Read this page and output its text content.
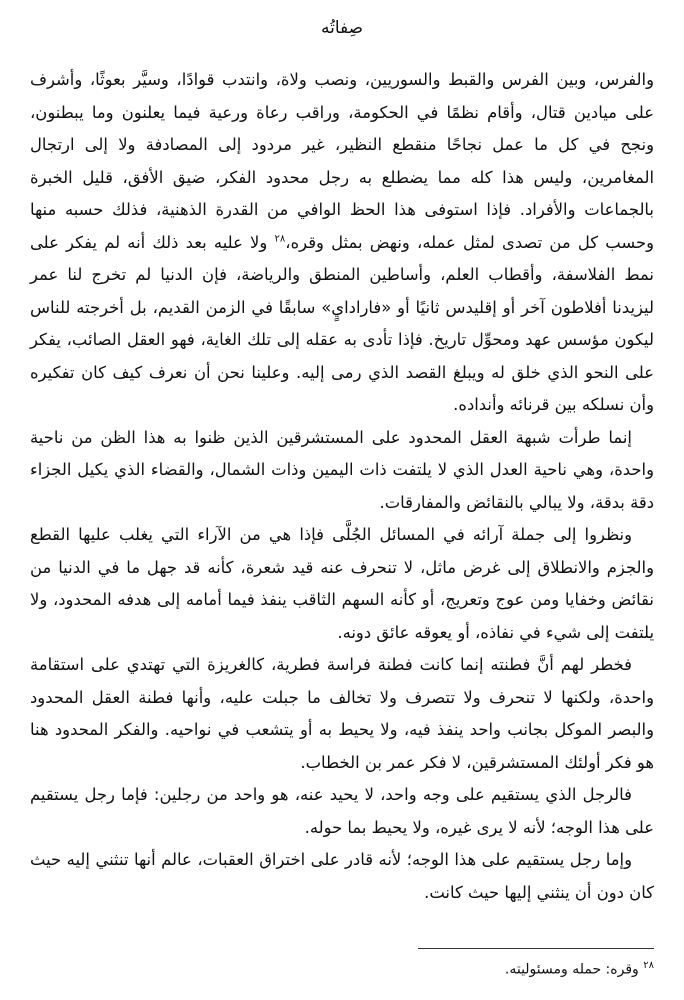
صِفاتُه

والفرس، وبين الفرس والقبط والسوريين، ونصب ولاة، وانتدب قوادًا، وسيَّر بعوثًا، وأشرف على ميادين قتال، وأقام نظمًا في الحكومة، وراقب رعاة ورعية فيما يعلنون وما يبطنون، ونجح في كل ما عمل نجاحًا منقطع النظير، غير مردود إلى المصادفة ولا إلى ارتجال المغامرين، وليس هذا كله مما يضطلع به رجل محدود الفكر، ضيق الأفق، قليل الخبرة بالجماعات والأفراد. فإذا استوفى هذا الحظ الوافي من القدرة الذهنية، فذلك حسبه منها وحسب كل من تصدى لمثل عمله، ونهض بمثل وقره،$^{٢٨}$ ولا عليه بعد ذلك أنه لم يفكر على نمط الفلاسفة، وأقطاب العلم، وأساطين المنطق والرياضة، فإن الدنيا لم تخرج لنا عمر ليزيدنا أفلاطون آخر أو إقليدس ثانيًا أو «فارادايٍ» سابقًا في الزمن القديم، بل أخرجته للناس ليكون مؤسس عهد ومحوِّل تاريخ. فإذا تأدى به عقله إلى تلك الغاية، فهو العقل الصائب، يفكر على النحو الذي خلق له ويبلغ القصد الذي رمى إليه. وعلينا نحن أن نعرف كيف كان تفكيره وأن نسلكه بين قرنائه وأنداده.

إنما طرأت شبهة العقل المحدود على المستشرقين الذين ظنوا به هذا الظن من ناحية واحدة، وهي ناحية العدل الذي لا يلتفت ذات اليمين وذات الشمال، والقضاء الذي يكيل الجزاء دقة بدقة، ولا يبالي بالنقائض والمفارقات.

ونظروا إلى جملة آرائه في المسائل الجُلَّى فإذا هي من الآراء التي يغلب عليها القطع والجزم والانطلاق إلى غرض ماثل، لا تنحرف عنه قيد شعرة، كأنه قد جهل ما في الدنيا من نقائض وخفايا ومن عوج وتعريج، أو كأنه السهم الثاقب ينفذ فيما أمامه إلى هدفه المحدود، ولا يلتفت إلى شيء في نفاذه، أو يعوقه عائق دونه.

فخطر لهم أنَّ فطنته إنما كانت فطنة فراسة فطرية، كالغريزة التي تهتدي على استقامة واحدة، ولكنها لا تنحرف ولا تتصرف ولا تخالف ما جبلت عليه، وأنها فطنة العقل المحدود والبصر الموكل بجانب واحد ينفذ فيه، ولا يحيط به أو يتشعب في نواحيه. والفكر المحدود هنا هو فكر أولئك المستشرقين، لا فكر عمر بن الخطاب.

فالرجل الذي يستقيم على وجه واحد، لا يحيد عنه، هو واحد من رجلين: فإما رجل يستقيم على هذا الوجه؛ لأنه لا يرى غيره، ولا يحيط بما حوله.

وإما رجل يستقيم على هذا الوجه؛ لأنه قادر على اختراق العقبات، عالم أنها تنثني إليه حيث كان دون أن ينثني إليها حيث كانت.

$^{٢٨}$ وقره: حمله ومسئوليته.
